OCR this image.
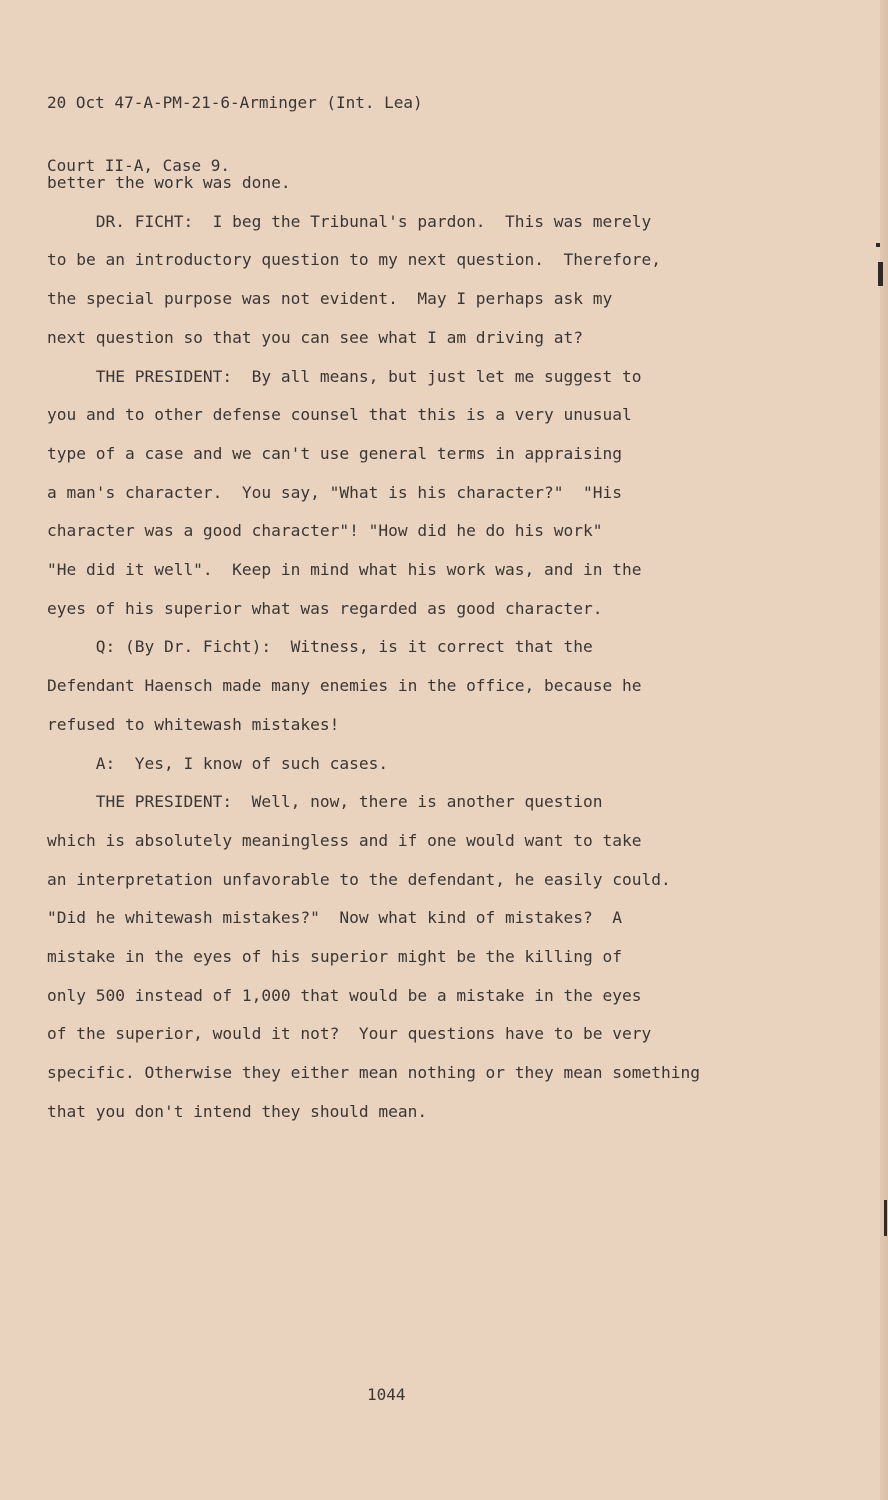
20 Oct 47-A-PM-21-6-Arminger (Int. Lea)

Court II-A, Case 9.

better the work was done.

DR. FICHT:  I beg the Tribunal's pardon.  This was merely

to be an introductory question to my next question.  Therefore,

the special purpose was not evident.  May I perhaps ask my

next question so that you can see what I am driving at?

THE PRESIDENT:  By all means, but just let me suggest to

you and to other defense counsel that this is a very unusual

type of a case and we can't use general terms in appraising

a man's character.  You say, "What is his character?"  "His

character was a good character"! "How did he do his work"

"He did it well".  Keep in mind what his work was, and in the

eyes of his superior what was regarded as good character.

Q: (By Dr. Ficht):  Witness, is it correct that the

Defendant Haensch made many enemies in the office, because he

refused to whitewash mistakes!

A:  Yes, I know of such cases.

THE PRESIDENT:  Well, now, there is another question

which is absolutely meaningless and if one would want to take

an interpretation unfavorable to the defendant, he easily could.

"Did he whitewash mistakes?"  Now what kind of mistakes?  A

mistake in the eyes of his superior might be the killing of

only 500 instead of 1,000 that would be a mistake in the eyes

of the superior, would it not?  Your questions have to be very

specific. Otherwise they either mean nothing or they mean something

that you don't intend they should mean.

1044
